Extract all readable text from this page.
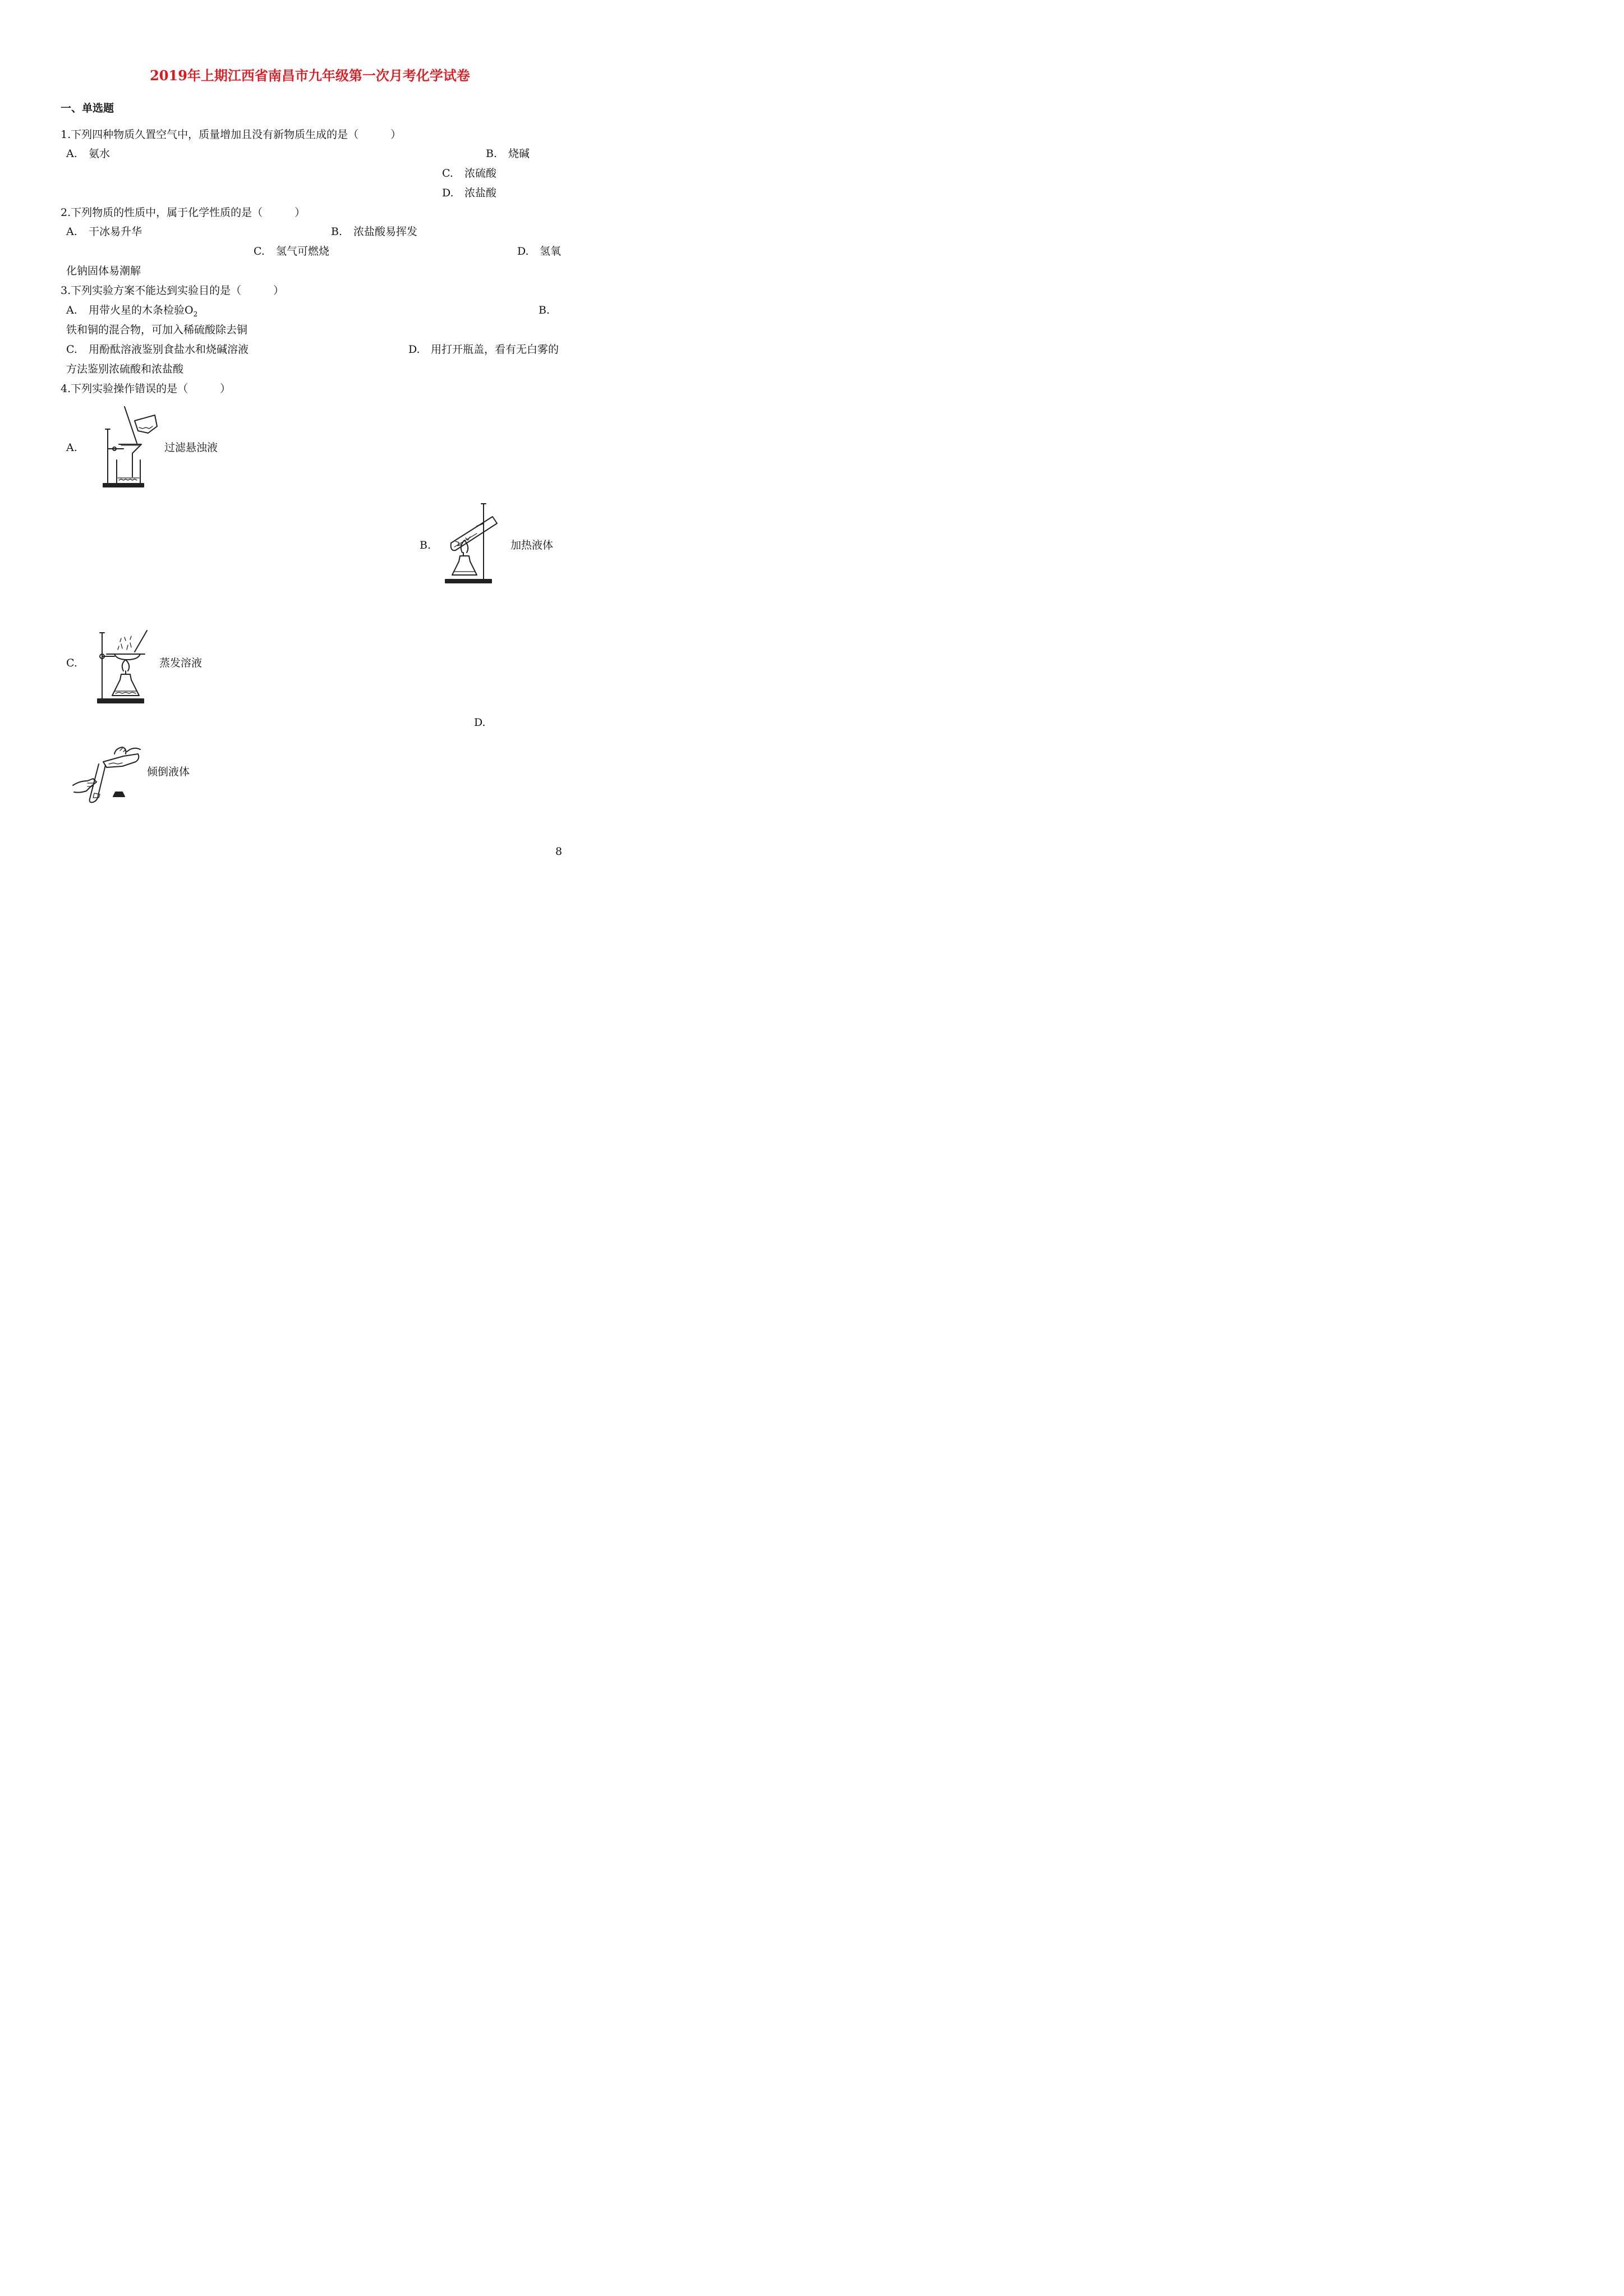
2019年上期江西省南昌市九年级第一次月考化学试卷
一、单选题
1.下列四种物质久置空气中，质量增加且没有新物质生成的是（　　　）
A. 氨水	B. 烧碱
C. 浓硫酸
D. 浓盐酸
2.下列物质的性质中，属于化学性质的是（　　　）
A. 干冰易升华	B. 浓盐酸易挥发
C. 氢气可燃烧	D. 氢氧
化钠固体易潮解
3.下列实验方案不能达到实验目的是（　　　）
A. 用带火星的木条检验$O_2$	B.
铁和铜的混合物，可加入稀硫酸除去铜
C. 用酚酞溶液鉴别食盐水和烧碱溶液	D. 用打开瓶盖，看有无白雾的
方法鉴别浓硫酸和浓盐酸
4.下列实验操作错误的是（　　　）
A.	过滤悬浊液
B.	加热液体
C.	蒸发溶液
D.
倾倒液体
8
